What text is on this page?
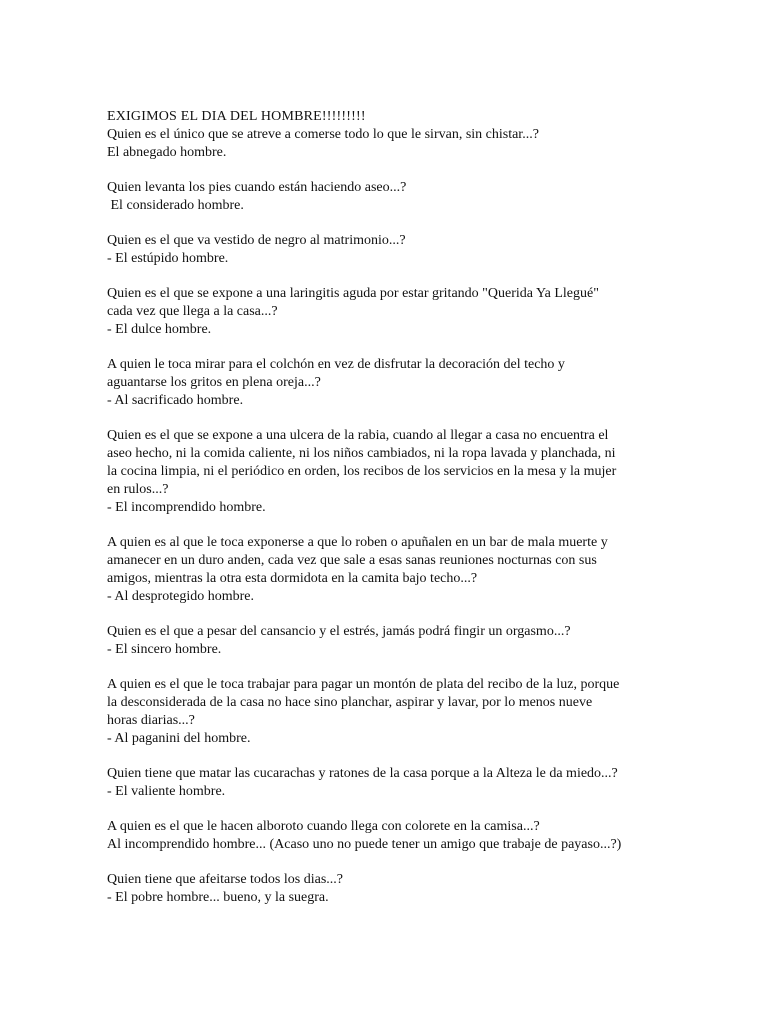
EXIGIMOS EL DIA DEL HOMBRE!!!!!!!!!
Quien es el único que se atreve a comerse todo lo que le sirvan, sin chistar...?
El abnegado hombre.
Quien levanta los pies cuando están haciendo aseo...?
El considerado hombre.
Quien es el que va vestido de negro al matrimonio...?
- El estúpido hombre.
Quien es el que se expone a una laringitis aguda por estar gritando "Querida Ya Llegué"
cada vez que llega a la casa...?
- El dulce hombre.
A quien le toca mirar para el colchón en vez de disfrutar la decoración del techo y
aguantarse los gritos en plena oreja...?
- Al sacrificado hombre.
Quien es el que se expone a una ulcera de la rabia, cuando al llegar a casa no encuentra el
aseo hecho, ni la comida caliente, ni los niños cambiados, ni la ropa lavada y planchada, ni
la cocina limpia, ni el periódico en orden, los recibos de los servicios en la mesa y la mujer
en rulos...?
- El incomprendido hombre.
A quien es al que le toca exponerse a que lo roben o apuñalen en un bar de mala muerte y
amanecer en un duro anden, cada vez que sale a esas sanas reuniones nocturnas con sus
amigos, mientras la otra esta dormidota en la camita bajo techo...?
- Al desprotegido hombre.
Quien es el que a pesar del cansancio y el estrés, jamás podrá fingir un orgasmo...?
- El sincero hombre.
A quien es el que le toca trabajar para pagar un montón de plata del recibo de la luz, porque
la desconsiderada de la casa no hace sino planchar, aspirar y lavar, por lo menos nueve
horas diarias...?
- Al paganini del hombre.
Quien tiene que matar las cucarachas y ratones de la casa porque a la Alteza le da miedo...?
- El valiente hombre.
A quien es el que le hacen alboroto cuando llega con colorete en la camisa...?
Al incomprendido hombre... (Acaso uno no puede tener un amigo que trabaje de payaso...?)
Quien tiene que afeitarse todos los dias...?
- El pobre hombre... bueno, y la suegra.
